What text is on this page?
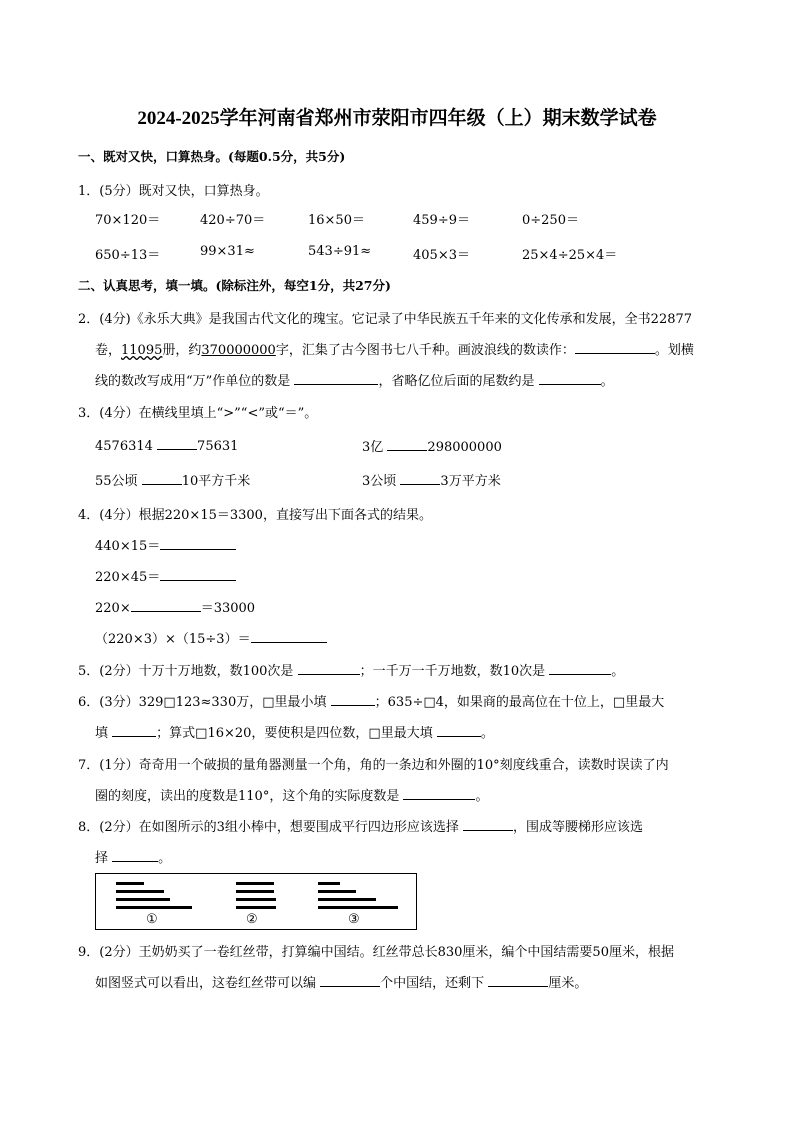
2024-2025学年河南省郑州市荥阳市四年级（上）期末数学试卷
一、既对又快，口算热身。(每题0.5分，共5分)
1．(5分）既对又快，口算热身。
70×120＝	420÷70＝	16×50＝	459÷9＝	0÷250＝
650÷13＝	99×31≈	543÷91≈	405×3＝	25×4÷25×4＝
二、认真思考，填一填。(除标注外，每空1分，共27分)
2．(4分)《永乐大典》是我国古代文化的瑰宝。它记录了中华民族五千年来的文化传承和发展，全书22877
卷，11095册，约370000000字，汇集了古今图书七八千种。画波浪线的数读作：	。划横
线的数改写成用“万”作单位的数是	，省略亿位后面的尾数约是	。
3．(4分）在横线里填上“>”“<”或“＝”。
4576314	75631	3亿	298000000
55公顷	10平方千米	3公顷	3万平方米
4．(4分）根据220×15＝3300，直接写出下面各式的结果。
440×15＝
220×45＝
220×	＝33000
（220×3）×（15÷3）＝
5．(2分）十万十万地数，数100次是	；一千万一千万地数，数10次是	。
6．(3分）329□123≈330万，□里最小填	；635÷□4，如果商的最高位在十位上，□里最大
填	；算式□16×20，要使积是四位数，□里最大填	。
7．(1分）奇奇用一个破损的量角器测量一个角，角的一条边和外圈的10°刻度线重合，读数时误读了内
圈的刻度，读出的度数是110°，这个角的实际度数是	。
8．(2分）在如图所示的3组小棒中，想要围成平行四边形应该选择	，围成等腰梯形应该选
择	。
①	②	③
9．(2分）王奶奶买了一卷红丝带，打算编中国结。红丝带总长830厘米，编个中国结需要50厘米，根据
如图竖式可以看出，这卷红丝带可以编	个中国结，还剩下	厘米。
